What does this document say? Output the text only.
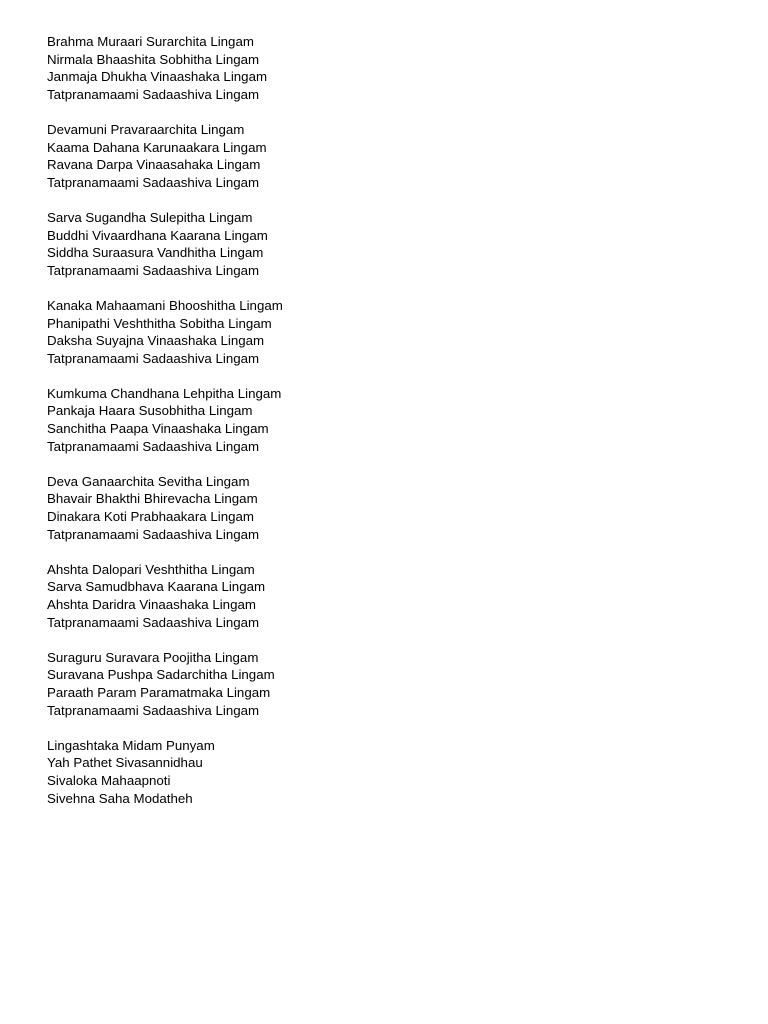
Brahma Muraari Surarchita Lingam
Nirmala Bhaashita Sobhitha Lingam
Janmaja Dhukha Vinaashaka Lingam
Tatpranamaami Sadaashiva Lingam
Devamuni Pravaraarchita Lingam
Kaama Dahana Karunaakara Lingam
Ravana Darpa Vinaasahaka Lingam
Tatpranamaami Sadaashiva Lingam
Sarva Sugandha Sulepitha Lingam
Buddhi Vivaardhana Kaarana Lingam
Siddha Suraasura Vandhitha Lingam
Tatpranamaami Sadaashiva Lingam
Kanaka Mahaamani Bhooshitha Lingam
Phanipathi Veshthitha Sobitha Lingam
Daksha Suyajna Vinaashaka Lingam
Tatpranamaami Sadaashiva Lingam
Kumkuma Chandhana Lehpitha Lingam
Pankaja Haara Susobhitha Lingam
Sanchitha Paapa Vinaashaka Lingam
Tatpranamaami Sadaashiva Lingam
Deva Ganaarchita Sevitha Lingam
Bhavair Bhakthi Bhirevacha Lingam
Dinakara Koti Prabhaakara Lingam
Tatpranamaami Sadaashiva Lingam
Ahshta Dalopari Veshthitha Lingam
Sarva Samudbhava Kaarana Lingam
Ahshta Daridra Vinaashaka Lingam
Tatpranamaami Sadaashiva Lingam
Suraguru Suravara Poojitha Lingam
Suravana Pushpa Sadarchitha Lingam
Paraath Param Paramatmaka Lingam
Tatpranamaami Sadaashiva Lingam
Lingashtaka Midam Punyam
Yah Pathet Sivasannidhau
Sivaloka Mahaapnoti
Sivehna Saha Modatheh
